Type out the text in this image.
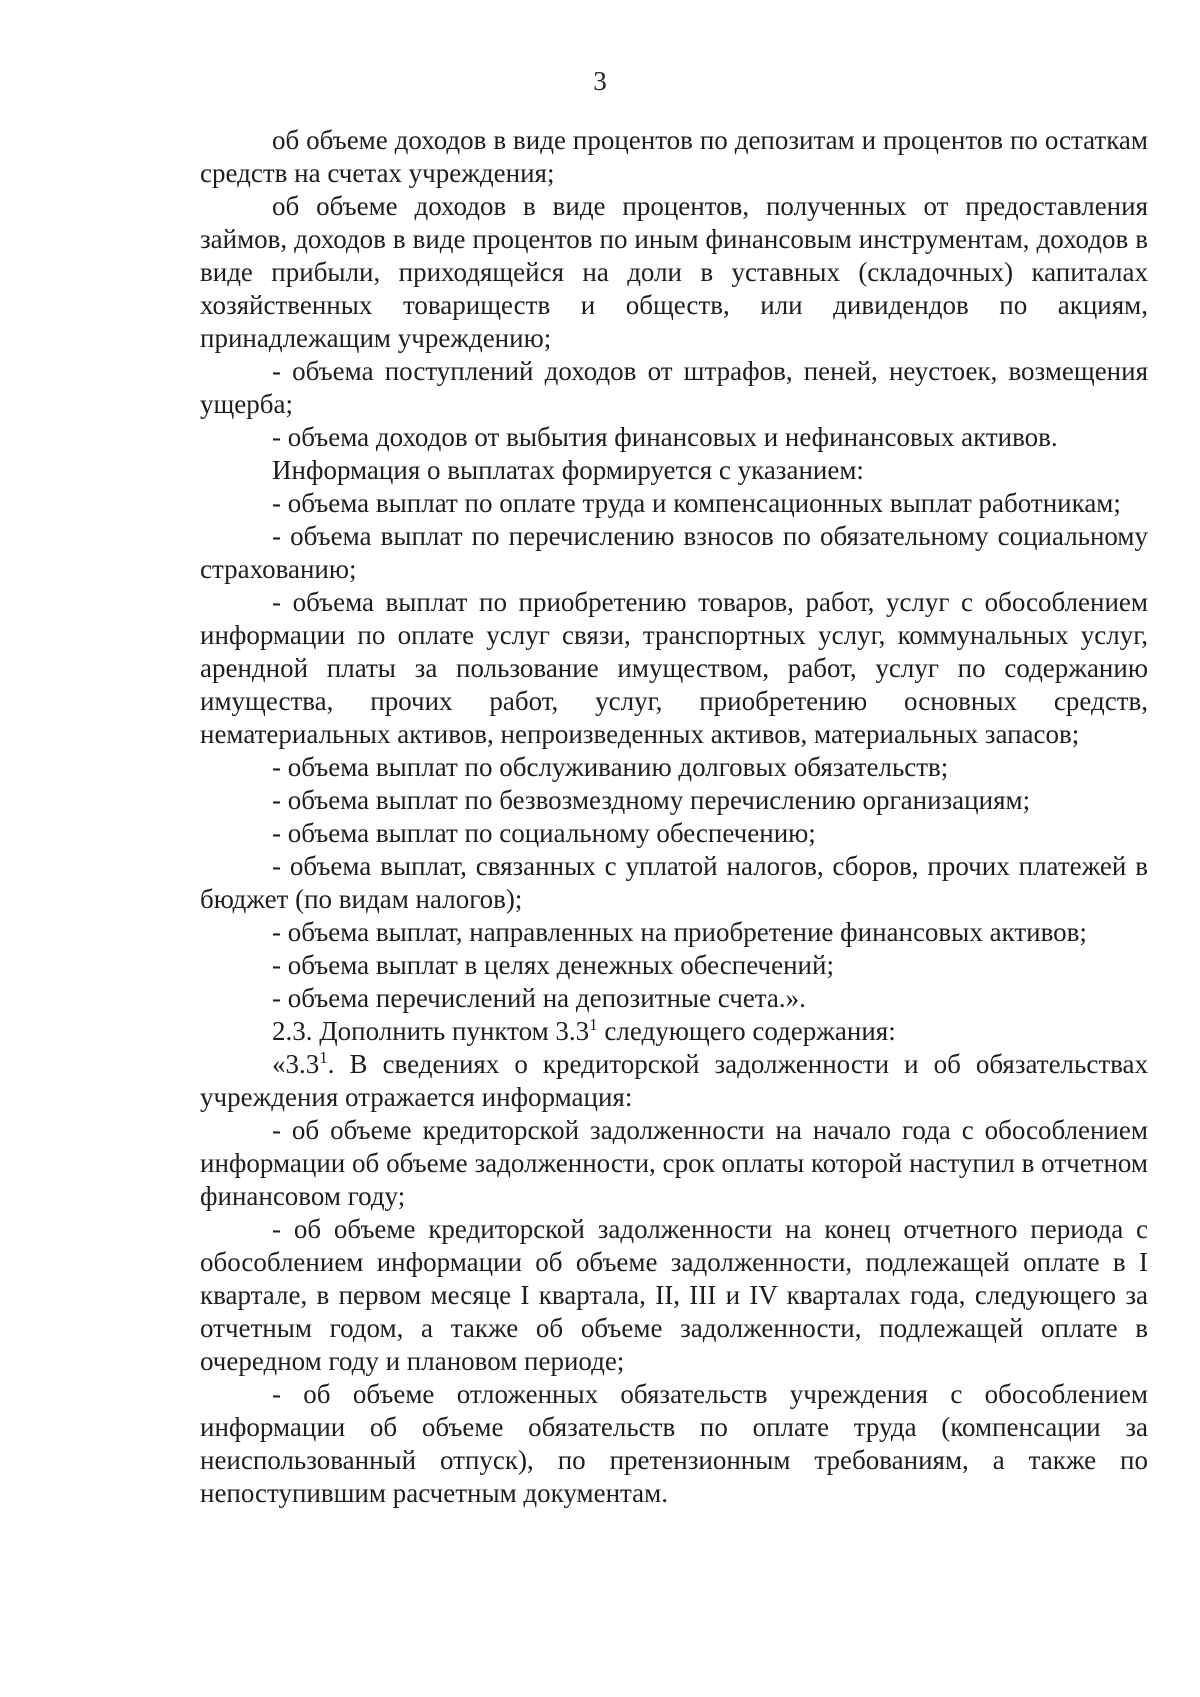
3

об объеме доходов в виде процентов по депозитам и процентов по остаткам средств на счетах учреждения;

об объеме доходов в виде процентов, полученных от предоставления займов, доходов в виде процентов по иным финансовым инструментам, доходов в виде прибыли, приходящейся на доли в уставных (складочных) капиталах хозяйственных товариществ и обществ, или дивидендов по акциям, принадлежащим учреждению;

- объема поступлений доходов от штрафов, пеней, неустоек, возмещения ущерба;

- объема доходов от выбытия финансовых и нефинансовых активов.

Информация о выплатах формируется с указанием:

- объема выплат по оплате труда и компенсационных выплат работникам;

- объема выплат по перечислению взносов по обязательному социальному страхованию;

- объема выплат по приобретению товаров, работ, услуг с обособлением информации по оплате услуг связи, транспортных услуг, коммунальных услуг, арендной платы за пользование имуществом, работ, услуг по содержанию имущества, прочих работ, услуг, приобретению основных средств, нематериальных активов, непроизведенных активов, материальных запасов;

- объема выплат по обслуживанию долговых обязательств;

- объема выплат по безвозмездному перечислению организациям;

- объема выплат по социальному обеспечению;

- объема выплат, связанных с уплатой налогов, сборов, прочих платежей в бюджет (по видам налогов);

- объема выплат, направленных на приобретение финансовых активов;

- объема выплат в целях денежных обеспечений;

- объема перечислений на депозитные счета.».

2.3. Дополнить пунктом $3.3^1$ следующего содержания:

«$3.3^1$. В сведениях о кредиторской задолженности и об обязательствах учреждения отражается информация:

- об объеме кредиторской задолженности на начало года с обособлением информации об объеме задолженности, срок оплаты которой наступил в отчетном финансовом году;

- об объеме кредиторской задолженности на конец отчетного периода с обособлением информации об объеме задолженности, подлежащей оплате в I квартале, в первом месяце I квартала, II, III и IV кварталах года, следующего за отчетным годом, а также об объеме задолженности, подлежащей оплате в очередном году и плановом периоде;

- об объеме отложенных обязательств учреждения с обособлением информации об объеме обязательств по оплате труда (компенсации за неиспользованный отпуск), по претензионным требованиям, а также по непоступившим расчетным документам.
